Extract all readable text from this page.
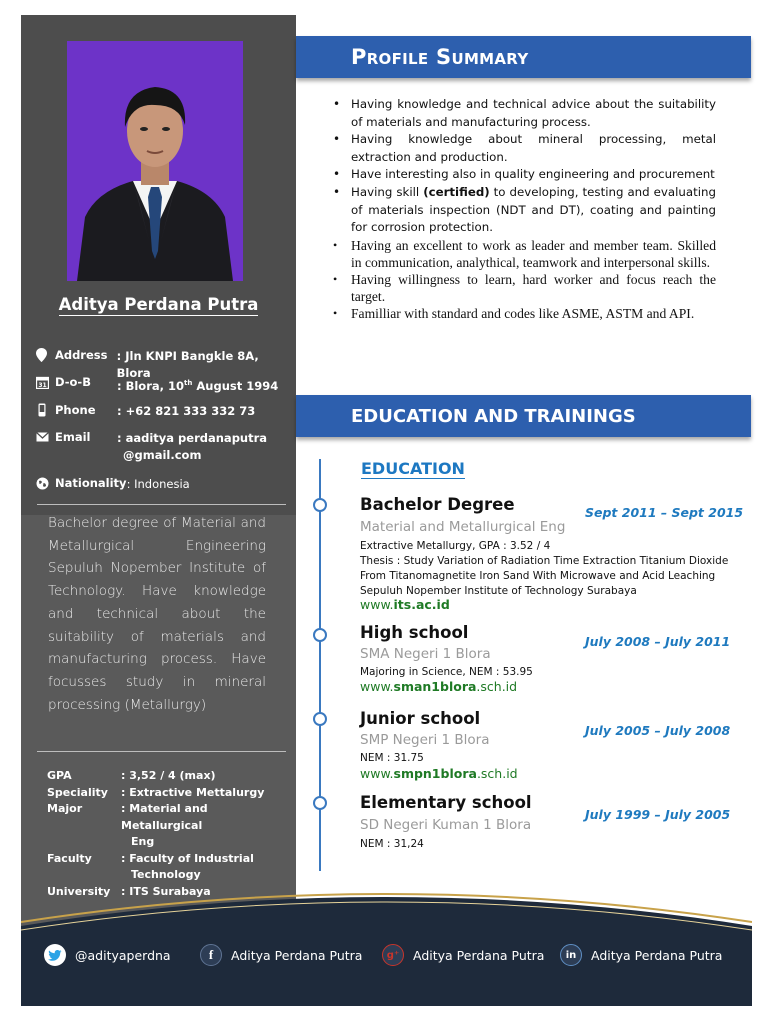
Aditya Perdana Putra
Address : Jln KNPI Bangkle 8A, Blora
31 D-o-B	: Blora, 10th August 1994
Phone	: +62 821 333 332 73
Email	: aaditya perdanaputra
@gmail.com
Nationality : Indonesia

Bachelor degree of Material and Metallurgical Engineering Sepuluh Nopember Institute of Technology. Have knowledge and technical about the suitability of materials and manufacturing process. Have focusses study in mineral processing (Metallurgy)

GPA	: 3,52 / 4 (max)
Speciality	: Extractive Mettalurgy
Major	: Material and Metallurgical
Eng
Faculty	: Faculty of Industrial
Technology
University : ITS Surabaya
Profile Summary
• Having knowledge and technical advice about the suitability of materials and manufacturing process.
• Having knowledge about mineral processing, metal extraction and production.
• Have interesting also in quality engineering and procurement
• Having skill (certified) to developing, testing and evaluating of materials inspection (NDT and DT), coating and painting for corrosion protection.
• Having an excellent to work as leader and member team. Skilled in communication, analythical, teamwork and interpersonal skills.
• Having willingness to learn, hard worker and focus reach the target.
• Familliar with standard and codes like ASME, ASTM and API.
EDUCATION AND TRAININGS
EDUCATION
Bachelor Degree	Sept 2011 – Sept 2015
Material and Metallurgical Eng
Extractive Metallurgy, GPA : 3.52 / 4
Thesis : Study Variation of Radiation Time Extraction Titanium Dioxide
From Titanomagnetite Iron Sand With Microwave and Acid Leaching
Sepuluh Nopember Institute of Technology Surabaya
www.its.ac.id
High school	July 2008 – July 2011
SMA Negeri 1 Blora
Majoring in Science, NEM : 53.95
www.sman1blora.sch.id
Junior school
July 2005 – July 2008
SMP Negeri 1 Blora
NEM : 31.75
www.smpn1blora.sch.id
Elementary school
July 1999 – July 2005
SD Negeri Kuman 1 Blora
NEM : 31,24
@adityaperdna	f	Aditya Perdana Putra	g⁺	Aditya Perdana Putra	in	Aditya Perdana Putra
